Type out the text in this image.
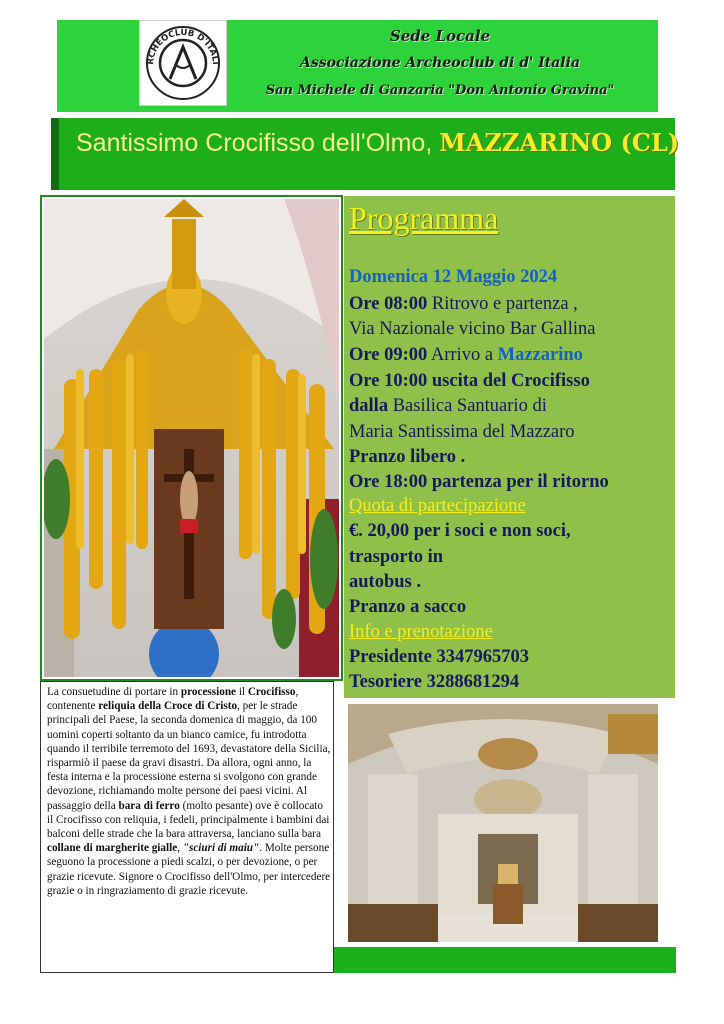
RCHEOCLUB D'ITALI
Sede Locale
Associazione Archeoclub di d' Italia
San Michele di Ganzaria "Don Antonio Gravina"
Santissimo Crocifisso dell'Olmo, MAZZARINO (CL)
La consuetudine di portare in processione il Crocifisso, contenente reliquia della Croce di Cristo, per le strade principali del Paese, la seconda domenica di maggio, da 100 uomini coperti soltanto da un bianco camice, fu introdotta quando il terribile terremoto del 1693, devastatore della Sicilia, risparmiò il paese da gravi disastri. Da allora, ogni anno, la festa interna e la processione esterna si svolgono con grande devozione, richiamando molte persone dei paesi vicini. Al passaggio della bara di ferro (molto pesante) ove è collocato il Crocifisso con reliquia, i fedeli, principalmente i bambini dai balconi delle strade che la bara attraversa, lanciano sulla bara collane di margherite gialle, "sciuri di maiu". Molte persone seguono la processione a piedi scalzi, o per devozione, o per grazie ricevute. Signore o Crocifisso dell'Olmo, per intercedere grazie o in ringraziamento di grazie ricevute.
Programma
Domenica 12 Maggio 2024
Ore 08:00 Ritrovo e partenza ,
Via Nazionale vicino Bar Gallina
Ore 09:00 Arrivo a Mazzarino
Ore 10:00 uscita del Crocifisso
dalla Basilica Santuario di
Maria Santissima del Mazzaro
Pranzo libero .
Ore 18:00 partenza per il ritorno
Quota di partecipazione
€. 20,00 per i soci e non soci,
trasporto in
autobus .
Pranzo a sacco
Info e prenotazione
Presidente 3347965703
Tesoriere 3288681294
